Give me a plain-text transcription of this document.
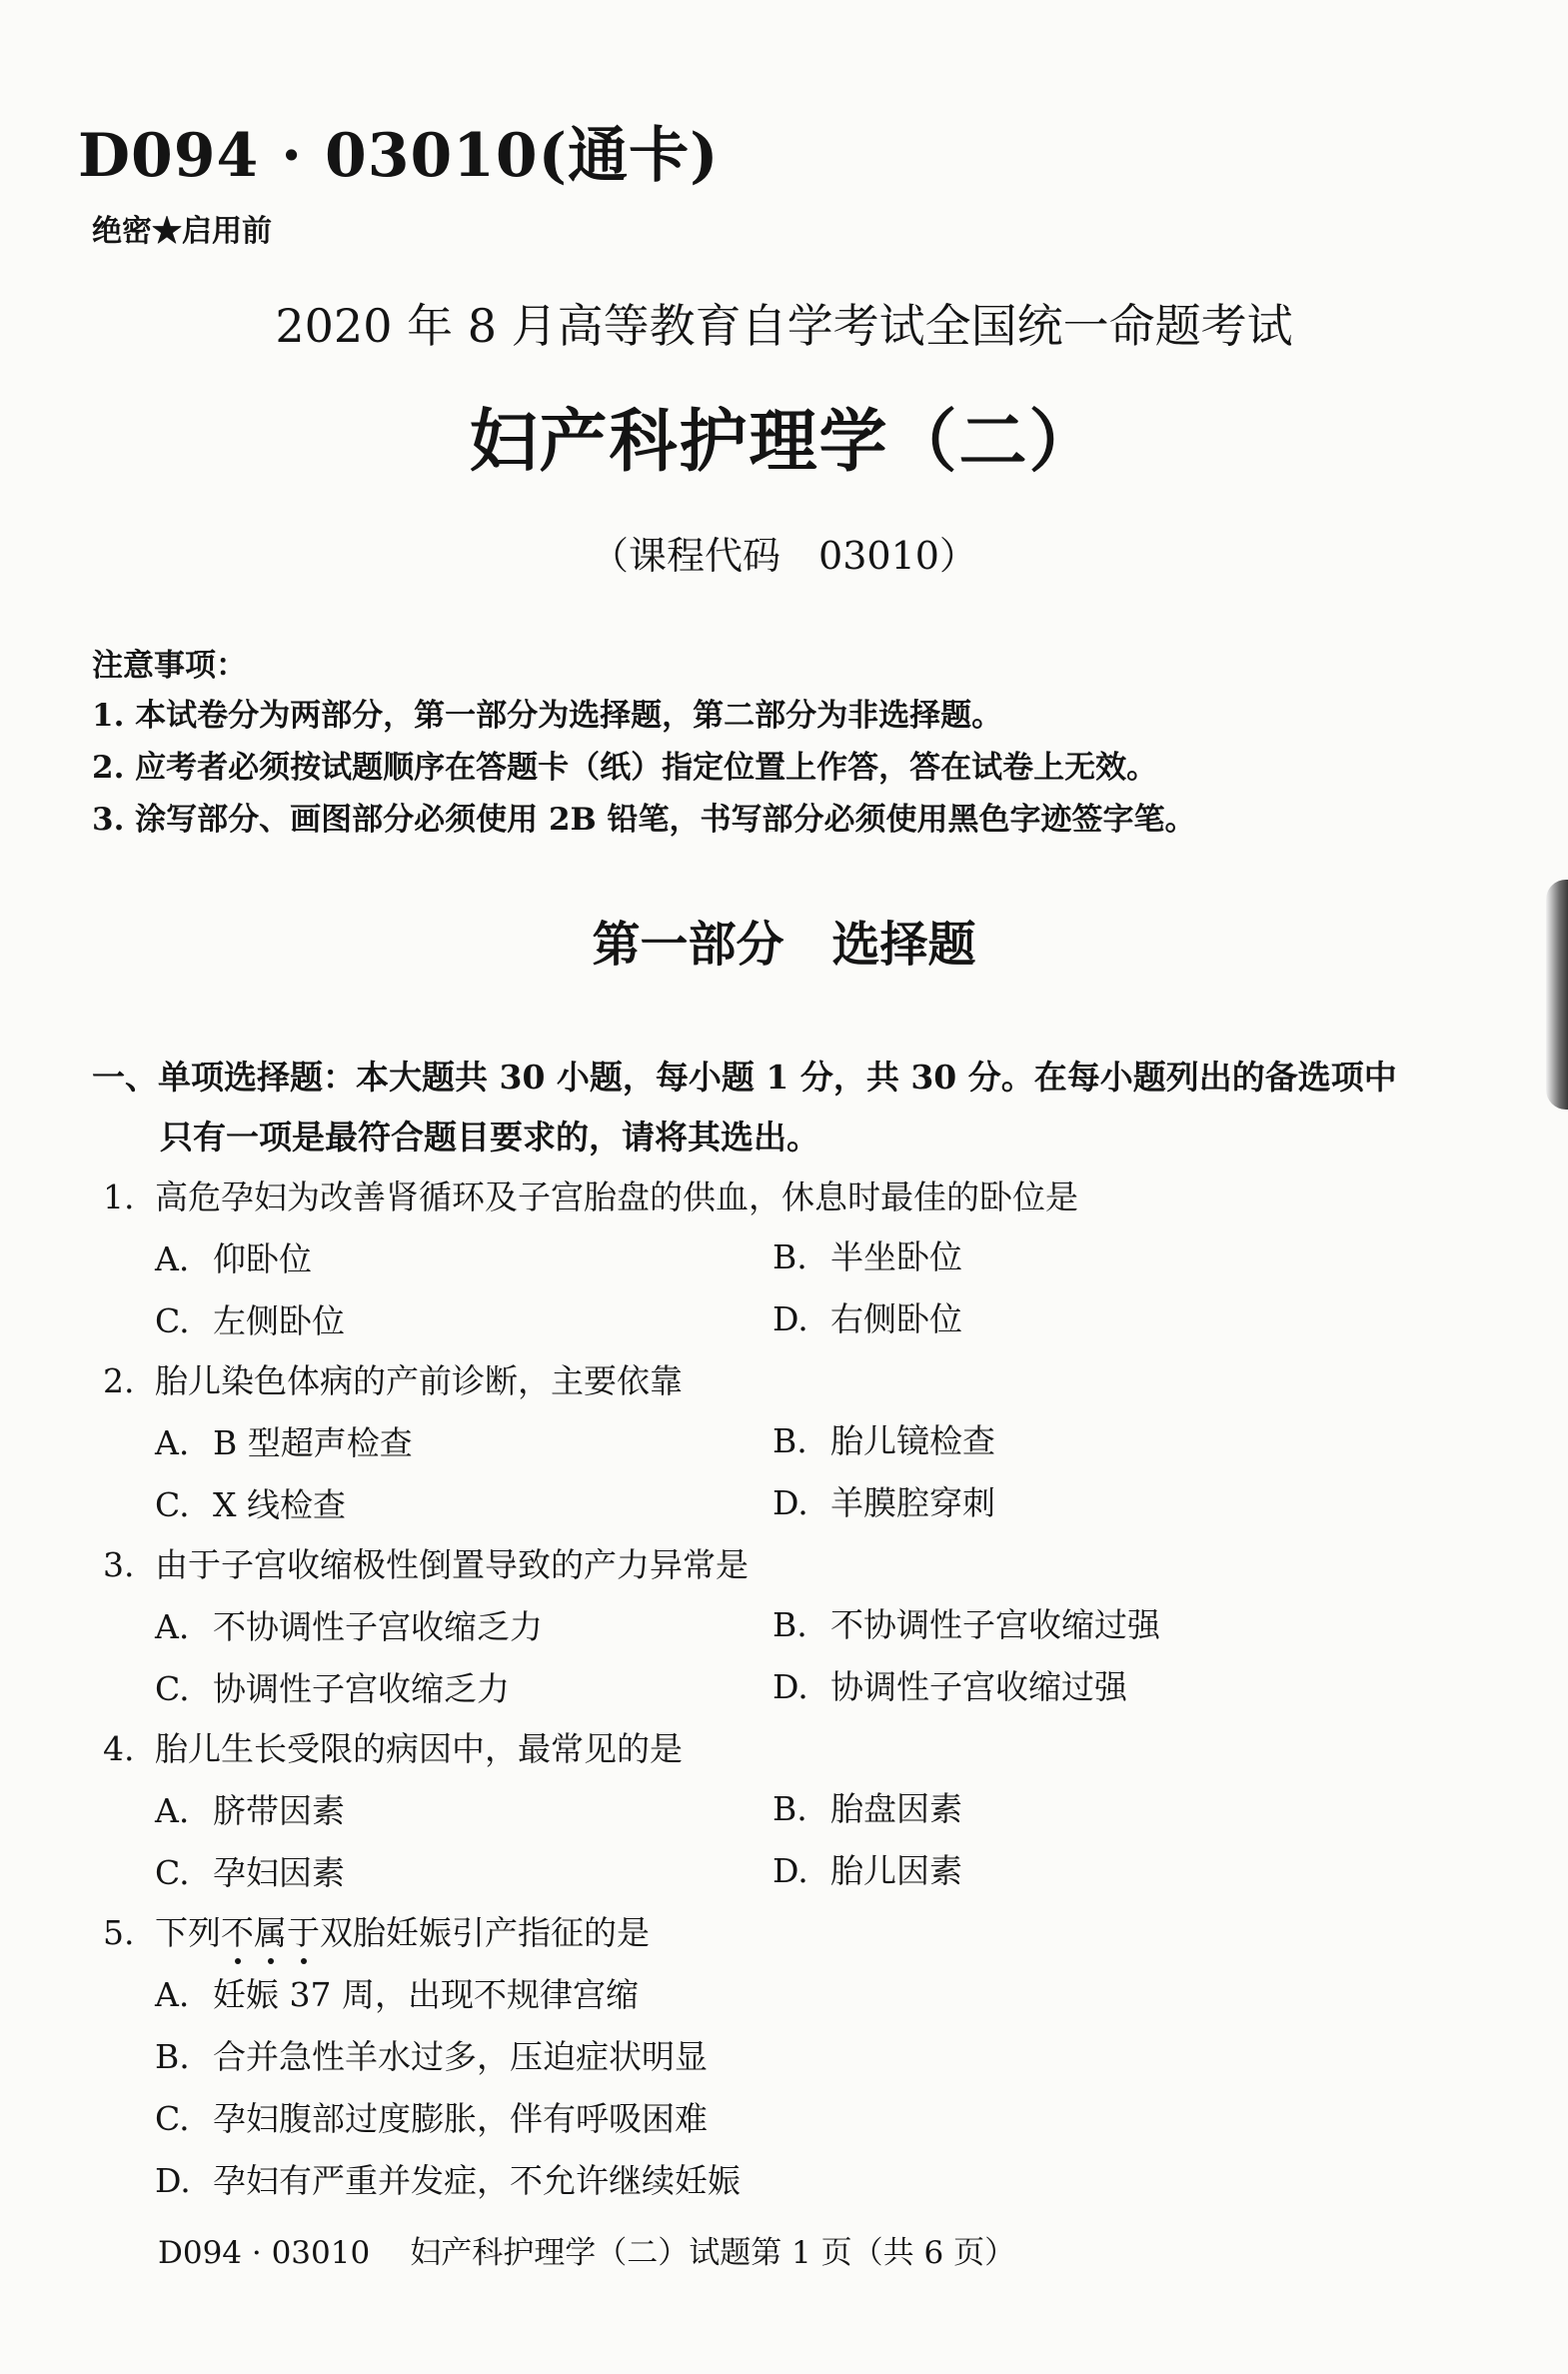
D094 · 03010(通卡)
绝密★启用前
2020 年 8 月高等教育自学考试全国统一命题考试
妇产科护理学（二）
（课程代码　03010）
注意事项：
1. 本试卷分为两部分，第一部分为选择题，第二部分为非选择题。
2. 应考者必须按试题顺序在答题卡（纸）指定位置上作答，答在试卷上无效。
3. 涂写部分、画图部分必须使用 2B 铅笔，书写部分必须使用黑色字迹签字笔。
第一部分　选择题
一、单项选择题：本大题共 30 小题，每小题 1 分，共 30 分。在每小题列出的备选项中
只有一项是最符合题目要求的，请将其选出。
1. 高危孕妇为改善肾循环及子宫胎盘的供血，休息时最佳的卧位是
A. 仰卧位	B. 半坐卧位
C. 左侧卧位	D. 右侧卧位
2. 胎儿染色体病的产前诊断，主要依靠
A. B 型超声检查	B. 胎儿镜检查
C. X 线检查	D. 羊膜腔穿刺
3. 由于子宫收缩极性倒置导致的产力异常是
A. 不协调性子宫收缩乏力	B. 不协调性子宫收缩过强
C. 协调性子宫收缩乏力	D. 协调性子宫收缩过强
4. 胎儿生长受限的病因中，最常见的是
A. 脐带因素	B. 胎盘因素
C. 孕妇因素	D. 胎儿因素
5. 下列不属于
双胎妊娠引产指征的是
A. 妊娠 37 周，出现不规律宫缩
B. 合并急性羊水过多，压迫症状明显
C. 孕妇腹部过度膨胀，伴有呼吸困难
D. 孕妇有严重并发症，不允许继续妊娠
D094 · 03010 妇产科护理学（二）试题第 1 页（共 6 页）
